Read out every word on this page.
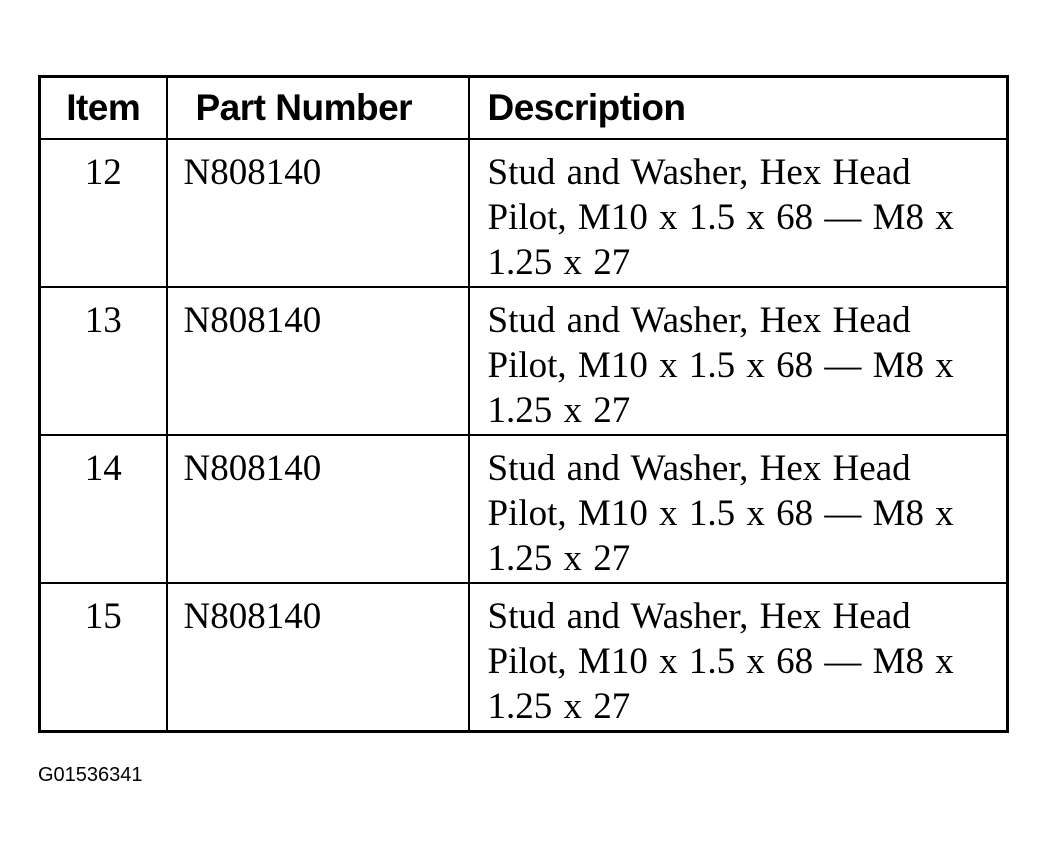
Item	Part Number	Description
12	N808140	Stud and Washer, Hex Head Pilot, M10 x 1.5 x 68 — M8 x 1.25 x 27
13	N808140	Stud and Washer, Hex Head Pilot, M10 x 1.5 x 68 — M8 x 1.25 x 27
14	N808140	Stud and Washer, Hex Head Pilot, M10 x 1.5 x 68 — M8 x 1.25 x 27
15	N808140	Stud and Washer, Hex Head Pilot, M10 x 1.5 x 68 — M8 x 1.25 x 27
G01536341
